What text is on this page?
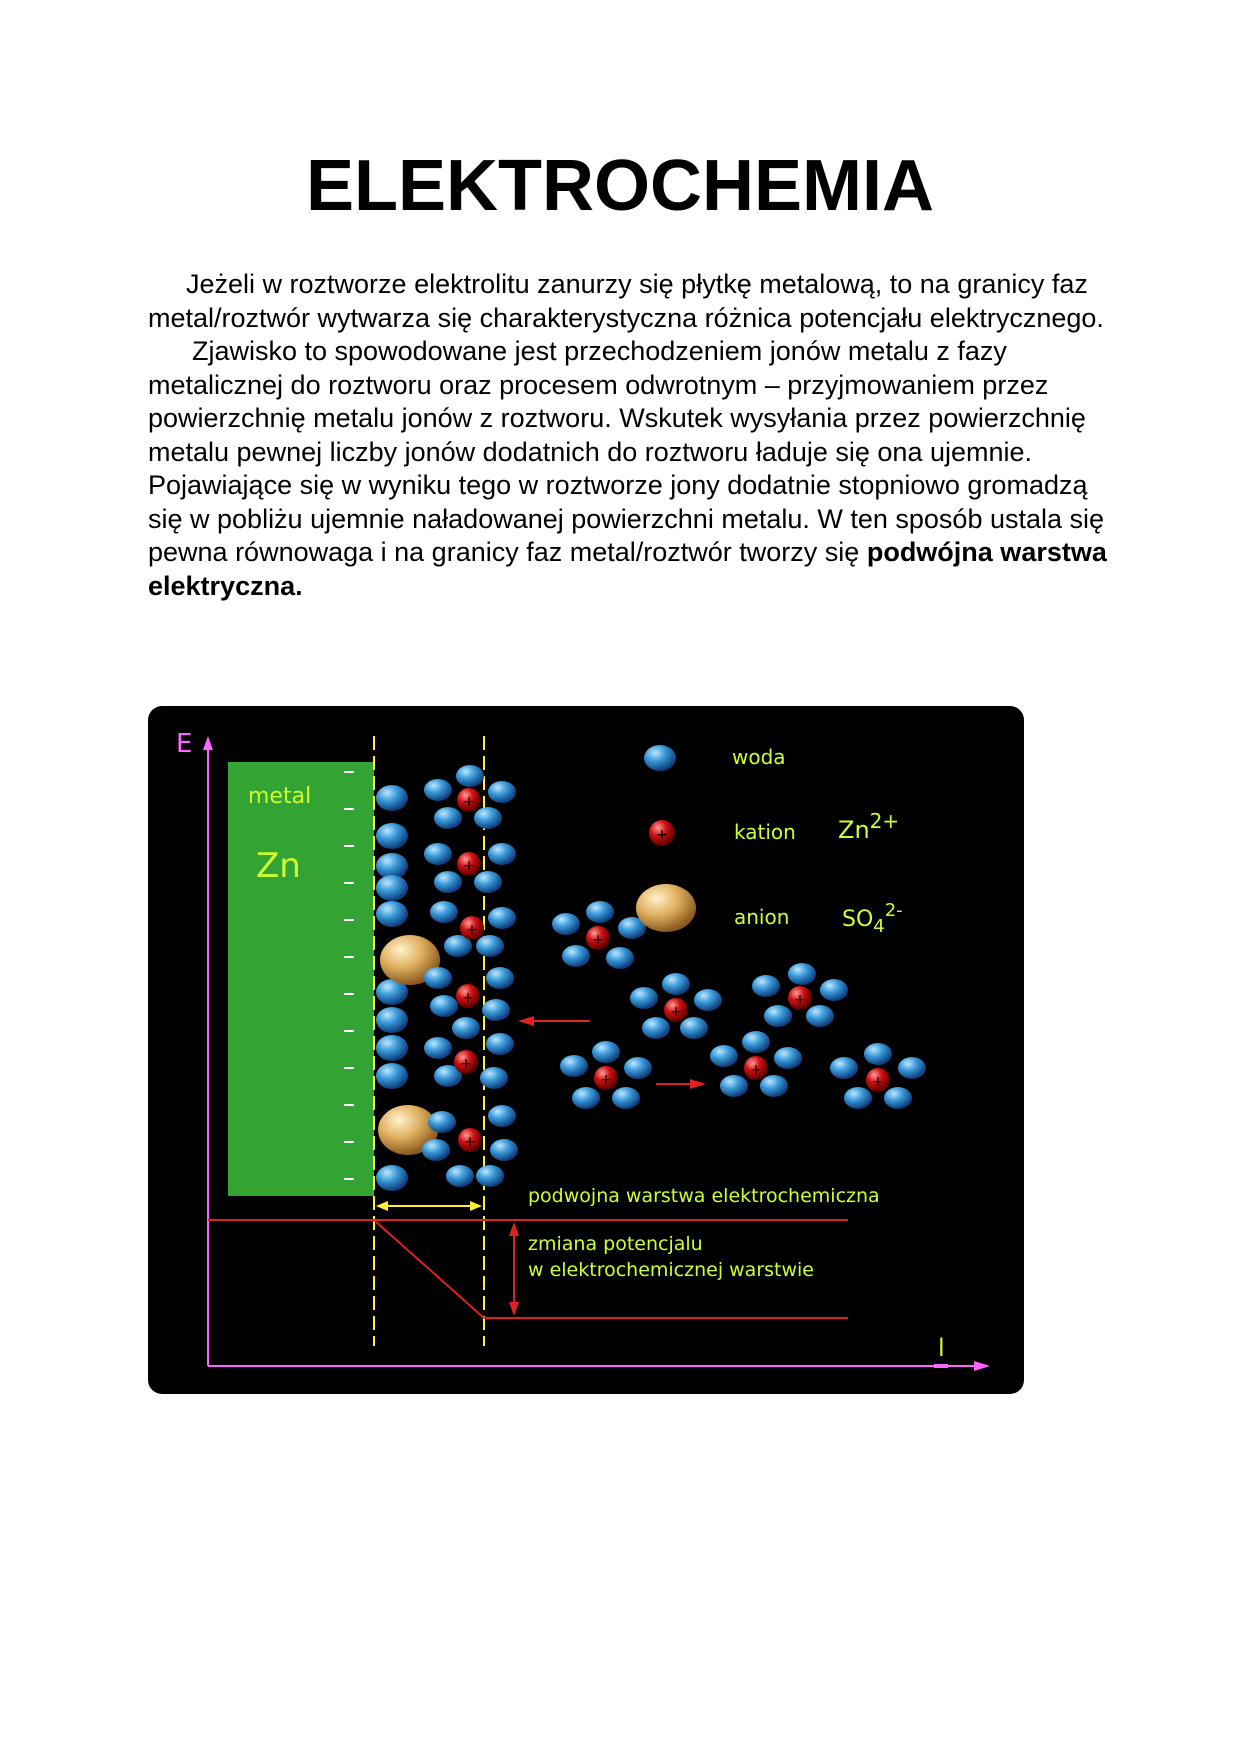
ELEKTROCHEMIA

Jeżeli w roztworze elektrolitu zanurzy się płytkę metalową, to na granicy faz metal/roztwór wytwarza się charakterystyczna różnica potencjału elektrycznego.

Zjawisko to spowodowane jest przechodzeniem jonów metalu z fazy metalicznej do roztworu oraz procesem odwrotnym – przyjmowaniem przez powierzchnię metalu jonów z roztworu. Wskutek wysyłania przez powierzchnię metalu pewnej liczby jonów dodatnich do roztworu ładuje się ona ujemnie. Pojawiające się w wyniku tego w roztworze jony dodatnie stopniowo gromadzą się w pobliżu ujemnie naładowanej powierzchni metalu. W ten sposób ustala się pewna równowaga i na granicy faz metal/roztwór tworzy się podwójna warstwa elektryczna.

metal
Zn
E
l
+
+
+
+
+
+
+
+
+
+
+
+
woda
+	kation $Zn^{2+}$
anion $SO_4^{2-}$
podwojna warstwa elektrochemiczna
zmiana potencjalu
w elektrochemicznej warstwie
